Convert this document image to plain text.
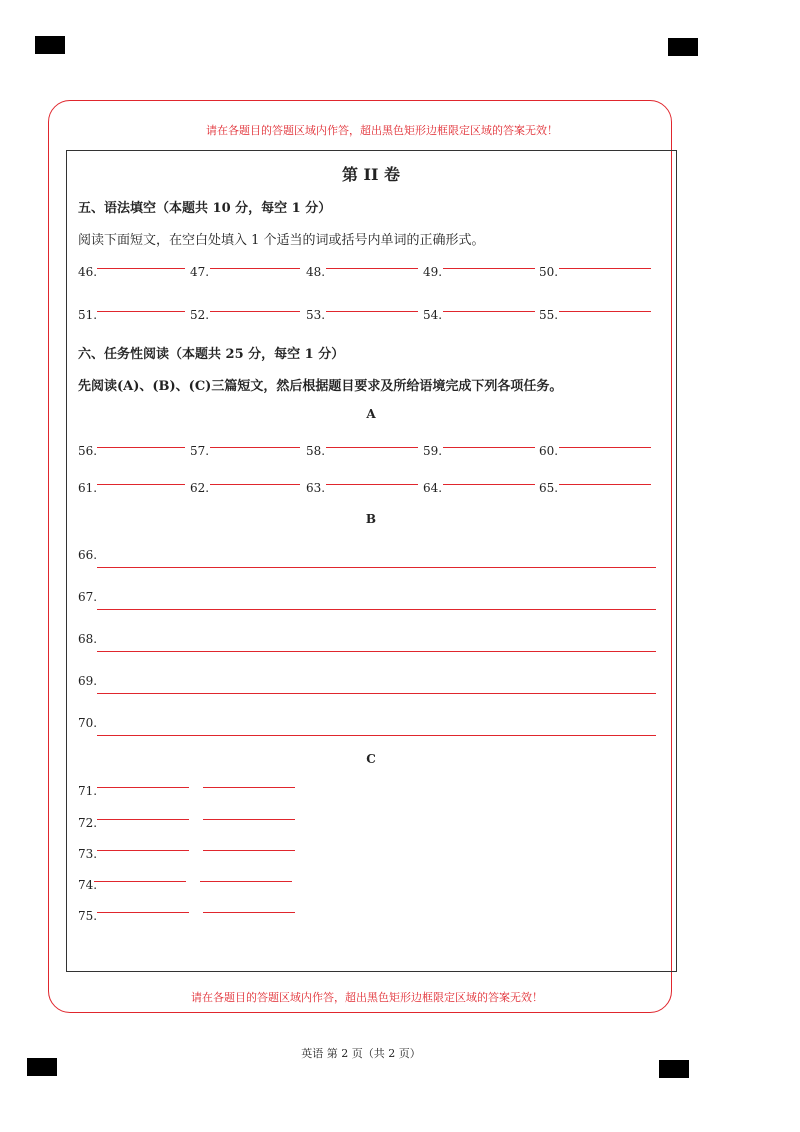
请在各题目的答题区域内作答，超出黑色矩形边框限定区域的答案无效！
第 II 卷
五、语法填空（本题共 10 分，每空 1 分）
阅读下面短文，在空白处填入 1 个适当的词或括号内单词的正确形式。
46.	47.	48.	49.	50.
51.	52.	53.	54.	55.
六、任务性阅读（本题共 25 分，每空 1 分）
先阅读(A)、(B)、(C)三篇短文，然后根据题目要求及所给语境完成下列各项任务。
A
56.	57.	58.	59.	60.
61.	62.	63.	64.	65.
B
66.
67.
68.
69.
70.
C
71.
72.
73.
74.
75.
请在各题目的答题区域内作答，超出黑色矩形边框限定区域的答案无效！
英语 第 2 页（共 2 页）
